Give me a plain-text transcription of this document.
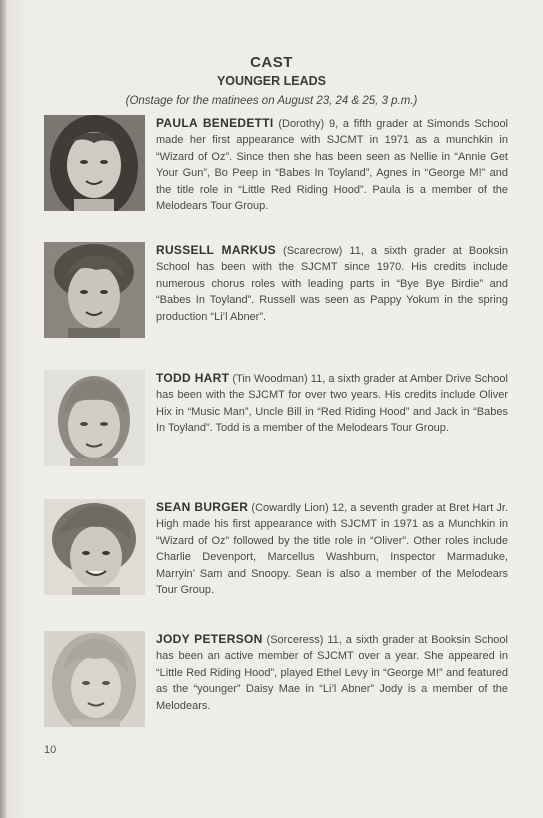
CAST
YOUNGER LEADS
(Onstage for the matinees on August 23, 24 & 25, 3 p.m.)
PAULA BENEDETTI (Dorothy) 9, a fifth grader at Simonds School made her first appearance with SJCMT in 1971 as a munchkin in “Wizard of Oz”. Since then she has been seen as Nellie in “Annie Get Your Gun”, Bo Peep in “Babes In Toyland”, Agnes in “George M!” and the title role in “Little Red Riding Hood”. Paula is a member of the Melodears Tour Group.
RUSSELL MARKUS (Scarecrow) 11, a sixth grader at Booksin School has been with the SJCMT since 1970. His credits include numerous chorus roles with leading parts in “Bye Bye Birdie” and “Babes In Toyland”. Russell was seen as Pappy Yokum in the spring production “Li’l Abner”.
TODD HART (Tin Woodman) 11, a sixth grader at Amber Drive School has been with the SJCMT for over two years. His credits include Oliver Hix in “Music Man”, Uncle Bill in “Red Riding Hood” and Jack in “Babes In Toyland”. Todd is a member of the Melodears Tour Group.
SEAN BURGER (Cowardly Lion) 12, a seventh grader at Bret Hart Jr. High made his first appearance with SJCMT in 1971 as a Munchkin in “Wizard of Oz” followed by the title role in “Oliver”. Other roles include Charlie Devenport, Marcellus Washburn, Inspector Marmaduke, Marryin’ Sam and Snoopy. Sean is also a member of the Melodears Tour Group.
JODY PETERSON (Sorceress) 11, a sixth grader at Booksin School has been an active member of SJCMT over a year. She appeared in “Little Red Riding Hood”, played Ethel Levy in “George M!” and featured as the “younger” Daisy Mae in “Li’l Abner” Jody is a member of the Melodears.
10
